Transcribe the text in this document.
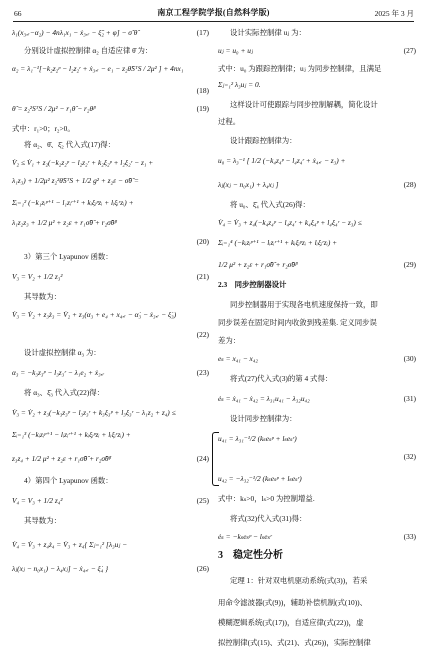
66	南京工程学院学报(自然科学版)	2025 年 3 月
λ₁(x₃,ᵣ−α₂) − 4nλ₁x₁ − ẋ₃,ᵣ − ξ̃₂ + φ] − σ̃ θ̂	(17)
分别设计虚拟控制律 α₂ 自适应律 θ̂ 为：
α₂ = λ₁⁻¹[−k₂z₂ᵖ − l₂z₂ʳ + ẋ₃,ᵣ − e₁ − z₂θ̂SᵀS / 2μ² ] + 4nx₁
(18)
θ̂ = z₂²SᵀS / 2μ² − r₁θ̂ − r₂θ̂ᵖ	(19)
式中：r₁>0；r₂>0。
将 α₂、θ̂、ξ̂₂ 代入式(17)得：
V̇₂ ≤ V̇₁ + z₂(−k₂z₂ᵖ − l₂z₂ʳ + k₂ξ₂ᵖ + l₂ξ₂ʳ − z₁ +
λ₁z₃) + 1/2μ² z₂²θ̂SᵀS + 1/2 g² + z₂ε − σ̃θ̂ =
Σᵢ₌₁² (−k₁zᵢᵖ⁺¹ − l₁zᵢʳ⁺¹ + kᵢξᵢᵖzᵢ + lᵢξᵢʳzᵢ) +
λ₁z₂z₃ + 1/2 μ² + z₂ε + r₁σ̃θ̂ + r₂σ̃θ̂ᵖ
(20)
3）第三个 Lyapunov 函数：
V₃ = V₂ + 1/2 z₃²	(21)
其导数为：
V̇₃ = V̇₂ + z₃ż₃ = V̇₂ + z₃(α₃ + e₄ + x₄,ᵣ − α̇₃ − ẋ₃,ᵣ − ξ̇₃)
(22)
设计虚拟控制律 α₃ 为：
α₃ = −k₃z₃ᵖ − l₃z₃ʳ − λ₁e₂ + ẋ₃,ᵣ	(23)
将 α₃、ξ̂₃ 代入式(22)得：
V̇₃ = V̇₂ + z₃(−k₃z₃ᵖ − l₃z₃ʳ + k₃ξ₃ᵖ + l₃ξ₃ʳ − λ₁z₂ + z₄) ≤
Σᵢ₌₁³ (−kᵢzᵢᵖ⁺¹ − lᵢzᵢʳ⁺¹ + kᵢξᵢᵖzᵢ + lᵢξᵢʳzᵢ) +
z₃z₄ + 1/2 μ² + z₂ε + r₁σ̃θ̂ + r₂σ̃θ̂ᵖ	(24)
4）第四个 Lyapunov 函数：
V₄ = V₃ + 1/2 z₄²	(25)
其导数为：
V̇₄ = V̇₃ + z₄ż₄ = V̇₃ + z₄{ Σⱼ₌₁² [λ₃uⱼ −
λⱼ(xⱼ − n₀x₁) − λ₄xⱼ] − ẋ₄,ᵣ − ξ̇₄ }	(26)
设计实际控制律 uⱼ 为：
uⱼ = u₀ + uⱼ	(27)
式中：u₀ 为跟踪控制律；uⱼ 为同步控制律，且满足
Σⱼ₌₁² λ₃uⱼ = 0.
这样设计可使跟踪与同步控制解耦，简化设计
过程。
设计跟踪控制律为：
u₀ = λ₃⁻¹ [ 1/2 (−k₄z₄ᵖ − l₄z₄ʳ + ẋ₄,ᵣ − z₃) +
λⱼ(xⱼ − n₀x₁) + λ₄xⱼ ]	(28)
将 u₀、ξ̂₄ 代入式(26)得：
V̇₄ = V̇₃ + z₄(−k₄z₄ᵖ − l₄z₄ʳ + k₄ξ₄ᵖ + l₄ξ₄ʳ − z₃) ≤
Σᵢ₌₁⁴ (−kᵢzᵢᵖ⁺¹ − lᵢzᵢʳ⁺¹ + kᵢξᵢᵖzᵢ + lᵢξᵢʳzᵢ) +
1/2 μ² + z₂ε + r₁σ̃θ̂ + r₂σ̃θ̂ᵖ	(29)
2.3　同步控制器设计
同步控制器用于实现各电机速度保持一致，即
同步误差在固定时间内收敛到残差集. 定义同步误
差为：
eₛ = x₄₁ − x₄₂	(30)
将式(27)代入式(3)的第 4 式得：
ėₛ = ẋ₄₁ − ẋ₄₂ = λ₃₁u₄₁ − λ₃₂u₄₂	(31)
设计同步控制律为：
u₄₁ = λ₃₁⁻¹/2 (kₛeₛᵖ + lₛeₛʳ)
(32)
u₄₂ = −λ₃₂⁻¹/2 (kₛeₛᵖ + lₛeₛʳ)
式中：kₛ>0，lₛ>0 为控制增益.
将式(32)代入式(31)得：
ėₛ = −kₛeₛᵖ − lₛeₛʳ	(33)
3　稳定性分析
定理 1：针对双电机驱动系统(式(3))，若采
用命令滤波器(式(9))，辅助补偿机制(式(10))、
模糊逻辑系统(式(17))，自适应律(式(22))，虚
拟控制律(式(15)、式(21)、式(26))，实际控制律
